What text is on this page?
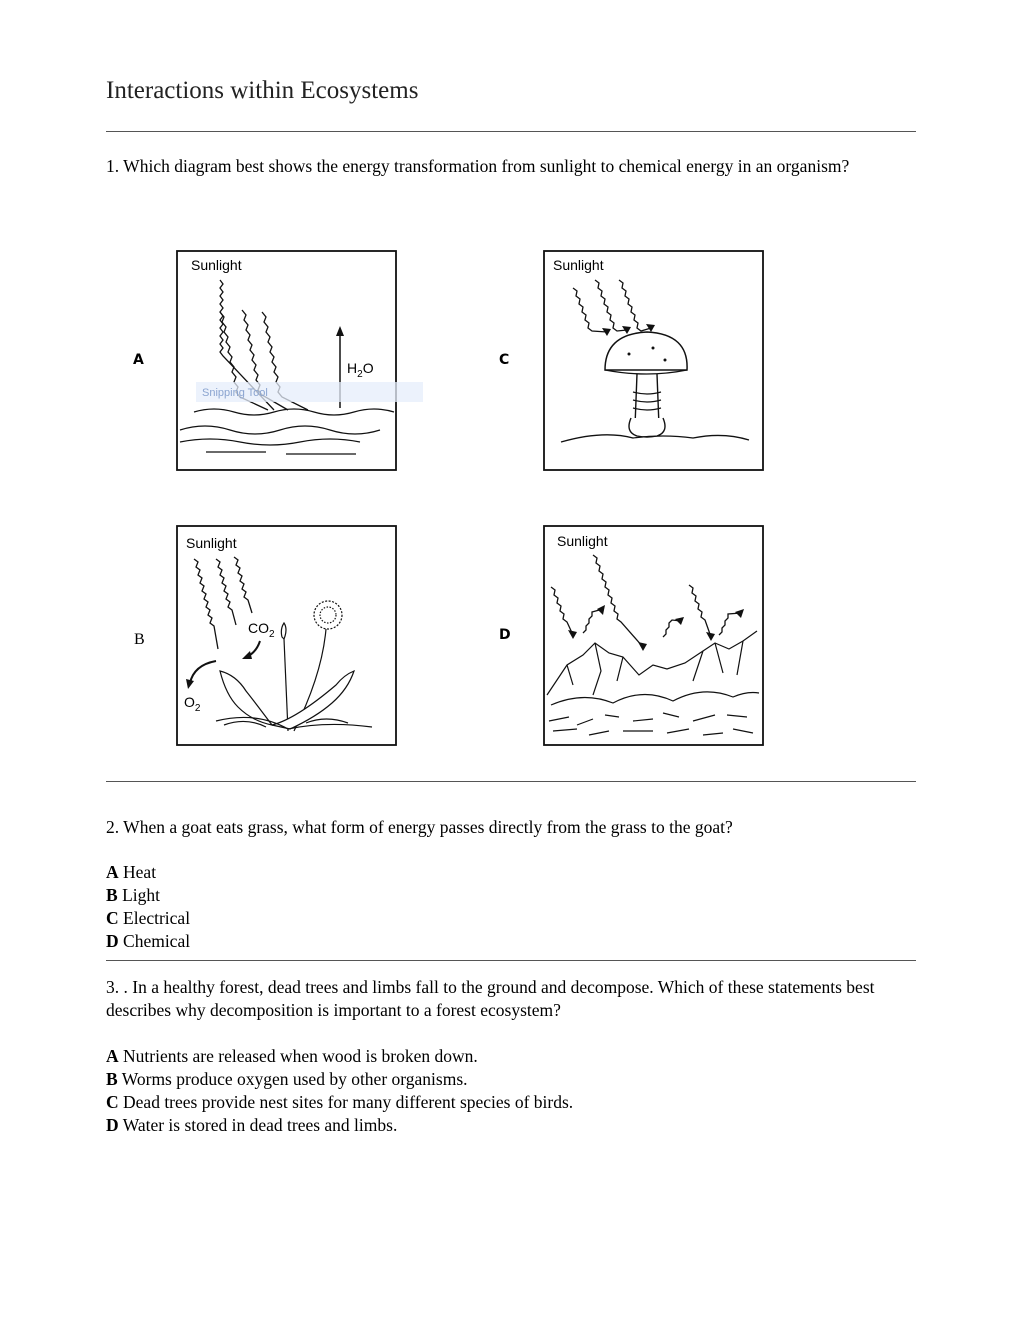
Interactions within Ecosystems

1. Which diagram best shows the energy transformation from sunlight to chemical energy in an organism?

A
Sunlight
$H_2O$
Snipping Tool
C
Sunlight
B
Sunlight
$CO_2$
$O_2$
D
Sunlight

2. When a goat eats grass, what form of energy passes directly from the grass to the goat?

A Heat
B Light
C Electrical
D Chemical

3. . In a healthy forest, dead trees and limbs fall to the ground and decompose. Which of these statements best describes why decomposition is important to a forest ecosystem?

A Nutrients are released when wood is broken down.
B Worms produce oxygen used by other organisms.
C Dead trees provide nest sites for many different species of birds.
D Water is stored in dead trees and limbs.
